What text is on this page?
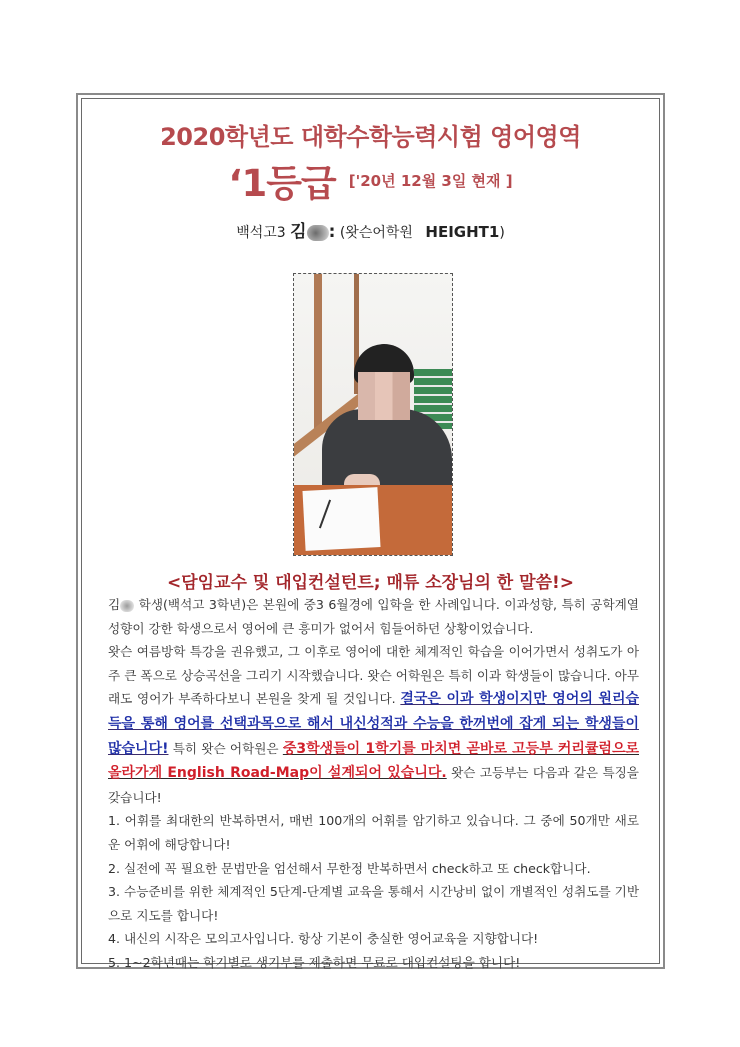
2020학년도 대학수학능력시험 영어영역
‘1등급 ['20년 12월 3일 현재 ]
백석고3 김 : (왓슨어학원 HEIGHT1)
<담임교수 및 대입컨설턴트; 매튜 소장님의 한 말씀!>

김 학생(백석고 3학년)은 본원에 중3 6월경에 입학을 한 사례입니다. 이과성향, 특히 공학계열 성향이 강한 학생으로서 영어에 큰 흥미가 없어서 힘들어하던 상황이었습니다.

왓슨 여름방학 특강을 권유했고, 그 이후로 영어에 대한 체계적인 학습을 이어가면서 성취도가 아주 큰 폭으로 상승곡선을 그리기 시작했습니다. 왓슨 어학원은 특히 이과 학생들이 많습니다. 아무래도 영어가 부족하다보니 본원을 찾게 될 것입니다. 결국은 이과 학생이지만 영어의 원리습득을 통해 영어를 선택과목으로 해서 내신성적과 수능을 한꺼번에 잡게 되는 학생들이 많습니다! 특히 왓슨 어학원은 중3학생들이 1학기를 마치면 곧바로 고등부 커리큘럼으로 올라가게 English Road-Map이 설계되어 있습니다. 왓슨 고등부는 다음과 같은 특징을 갖습니다!

1. 어휘를 최대한의 반복하면서, 매번 100개의 어휘를 암기하고 있습니다. 그 중에 50개만 새로운 어휘에 해당합니다!

2. 실전에 꼭 필요한 문법만을 엄선해서 무한정 반복하면서 check하고 또 check합니다.

3. 수능준비를 위한 체계적인 5단계-단계별 교육을 통해서 시간낭비 없이 개별적인 성취도를 기반으로 지도를 합니다!

4. 내신의 시작은 모의고사입니다. 항상 기본이 충실한 영어교육을 지향합니다!

5. 1~2학년때는 학기별로 생기부를 제출하면 무료로 대입컨설팅을 합니다!
